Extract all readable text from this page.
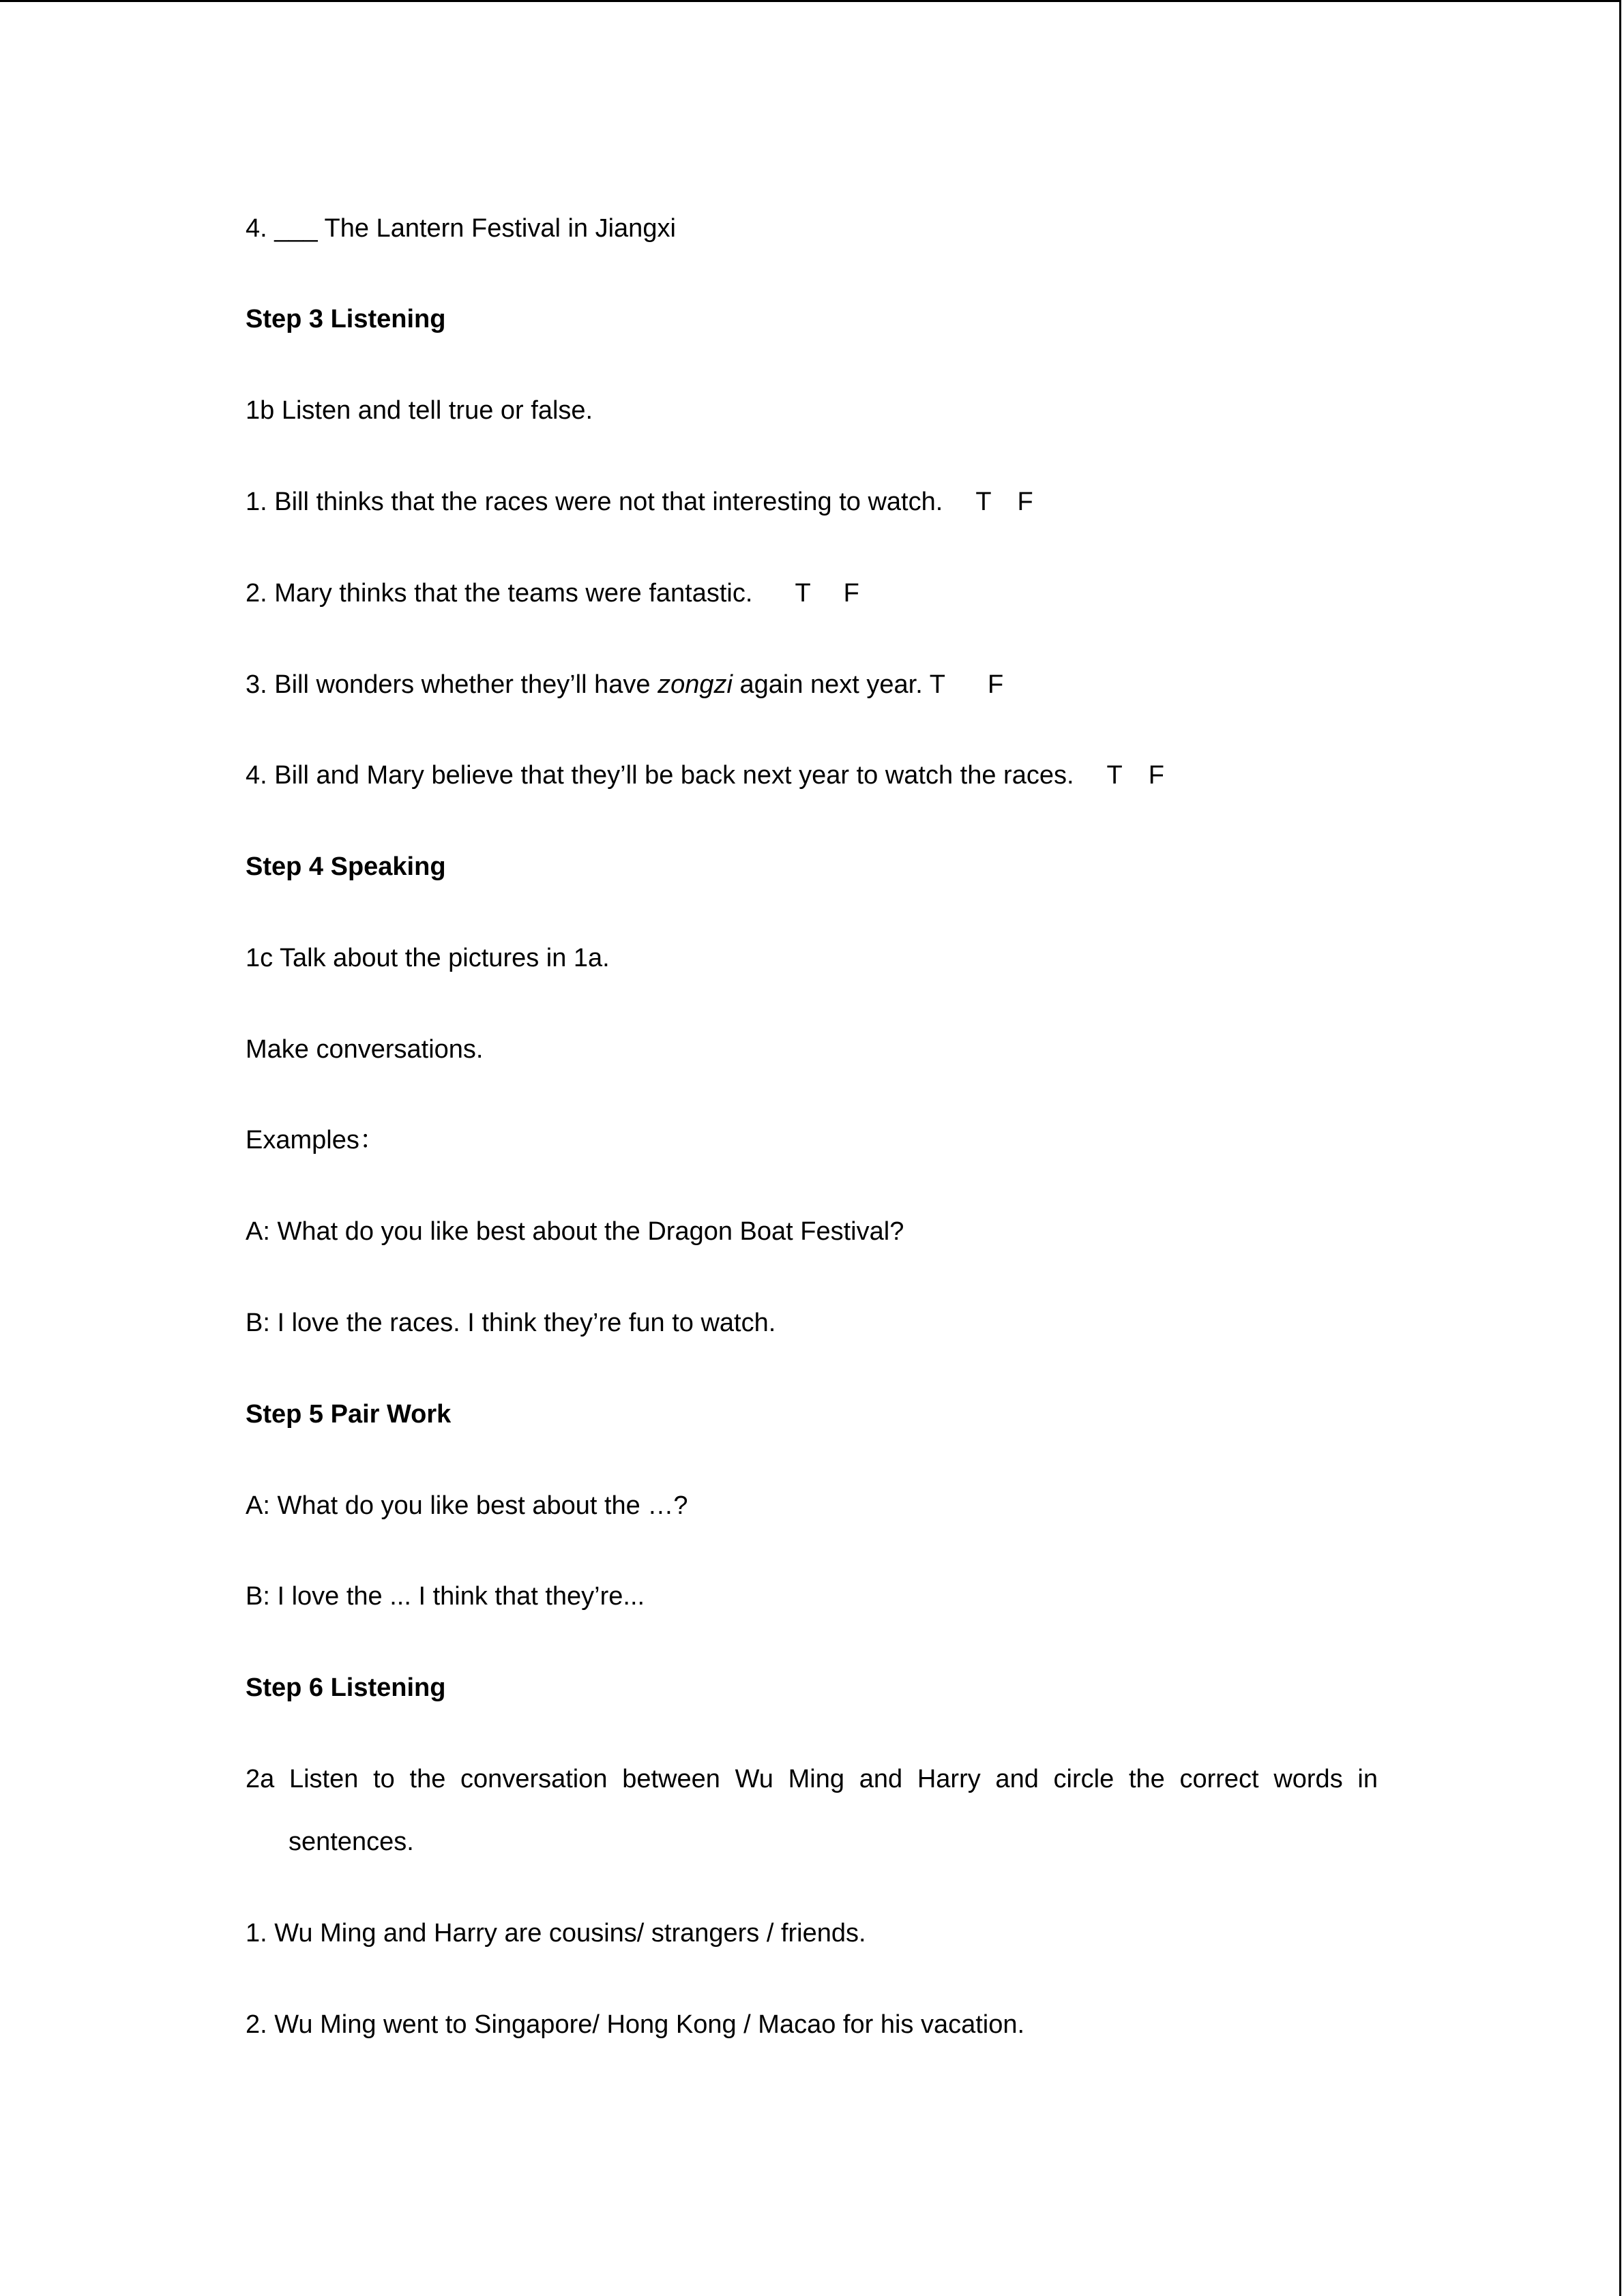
4. ___ The Lantern Festival in Jiangxi
Step 3 Listening
1b Listen and tell true or false.
1. Bill thinks that the races were not that interesting to watch. T F
2. Mary thinks that the teams were fantastic. T F
3. Bill wonders whether they’ll have zongzi again next year. T F
4. Bill and Mary believe that they’ll be back next year to watch the races. T F
Step 4 Speaking
1c Talk about the pictures in 1a.
Make conversations.
Examples：
A: What do you like best about the Dragon Boat Festival?
B: I love the races. I think they’re fun to watch.
Step 5 Pair Work
A: What do you like best about the …?
B: I love the ... I think that they’re...
Step 6 Listening
2a Listen to the conversation between Wu Ming and Harry and circle the correct words in
sentences.
1. Wu Ming and Harry are cousins/ strangers / friends.
2. Wu Ming went to Singapore/ Hong Kong / Macao for his vacation.
